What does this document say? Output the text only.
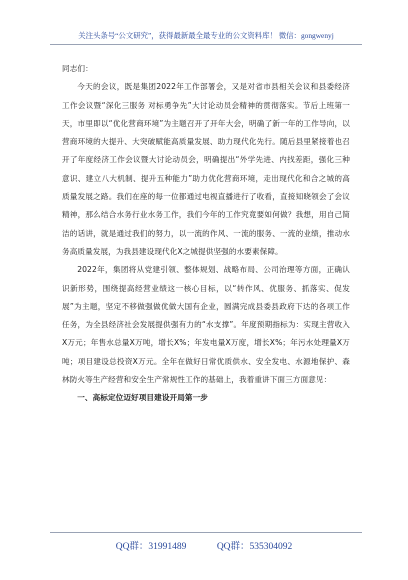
关注头条号“公文研究”，获得最新最全最专业的公文资料库！ 微信：gongwenyj

同志们：

今天的会议，既是集团2022年工作部署会，又是对省市县相关会议和县委经济工作会议暨“深化三服务 对标勇争先”大讨论动员会精神的贯彻落实。节后上班第一天，市里即以“优化营商环境”为主题召开了开年大会，明确了新一年的工作导向，以营商环境的大提升、大突破赋能高质量发展、助力现代化先行。随后县里紧接着也召开了年度经济工作会议暨大讨论动员会，明确提出“外学先进、内找差距，强化三种意识、建立八大机制、提升五种能力”助力优化营商环境，走出现代化和合之城的高质量发展之路。我们在座的每一位都通过电视直播进行了收看，直接知晓领会了会议精神，那么结合水务行业水务工作，我们今年的工作究竟要如何做？我想，用自己简洁的话讲，就是通过我们的努力，以一流的作风、一流的服务、一流的业绩，推动水务高质量发展，为我县建设现代化X之城提供坚强的水要素保障。

2022年，集团将从党建引领、整体规划、战略布局、公司治理等方面，正确认识新形势，围绕提高经营业绩这一核心目标，以“转作风、优服务、抓落实、促发展”为主题，坚定不移做强做优做大国有企业，圆满完成县委县政府下达的各项工作任务，为全县经济社会发展提供强有力的“水支撑”。年度预期指标为：实现主营收入X万元；年售水总量X万吨，增长X%；年发电量X万度，增长X%；年污水处理量X万吨；项目建设总投资X万元。全年在做好日常优质供水、安全发电、水源地保护、森林防火等生产经营和安全生产常规性工作的基础上，我着重讲下面三方面意见：

一、高标定位迈好项目建设开局第一步

QQ群：31991489	QQ群：535304092
